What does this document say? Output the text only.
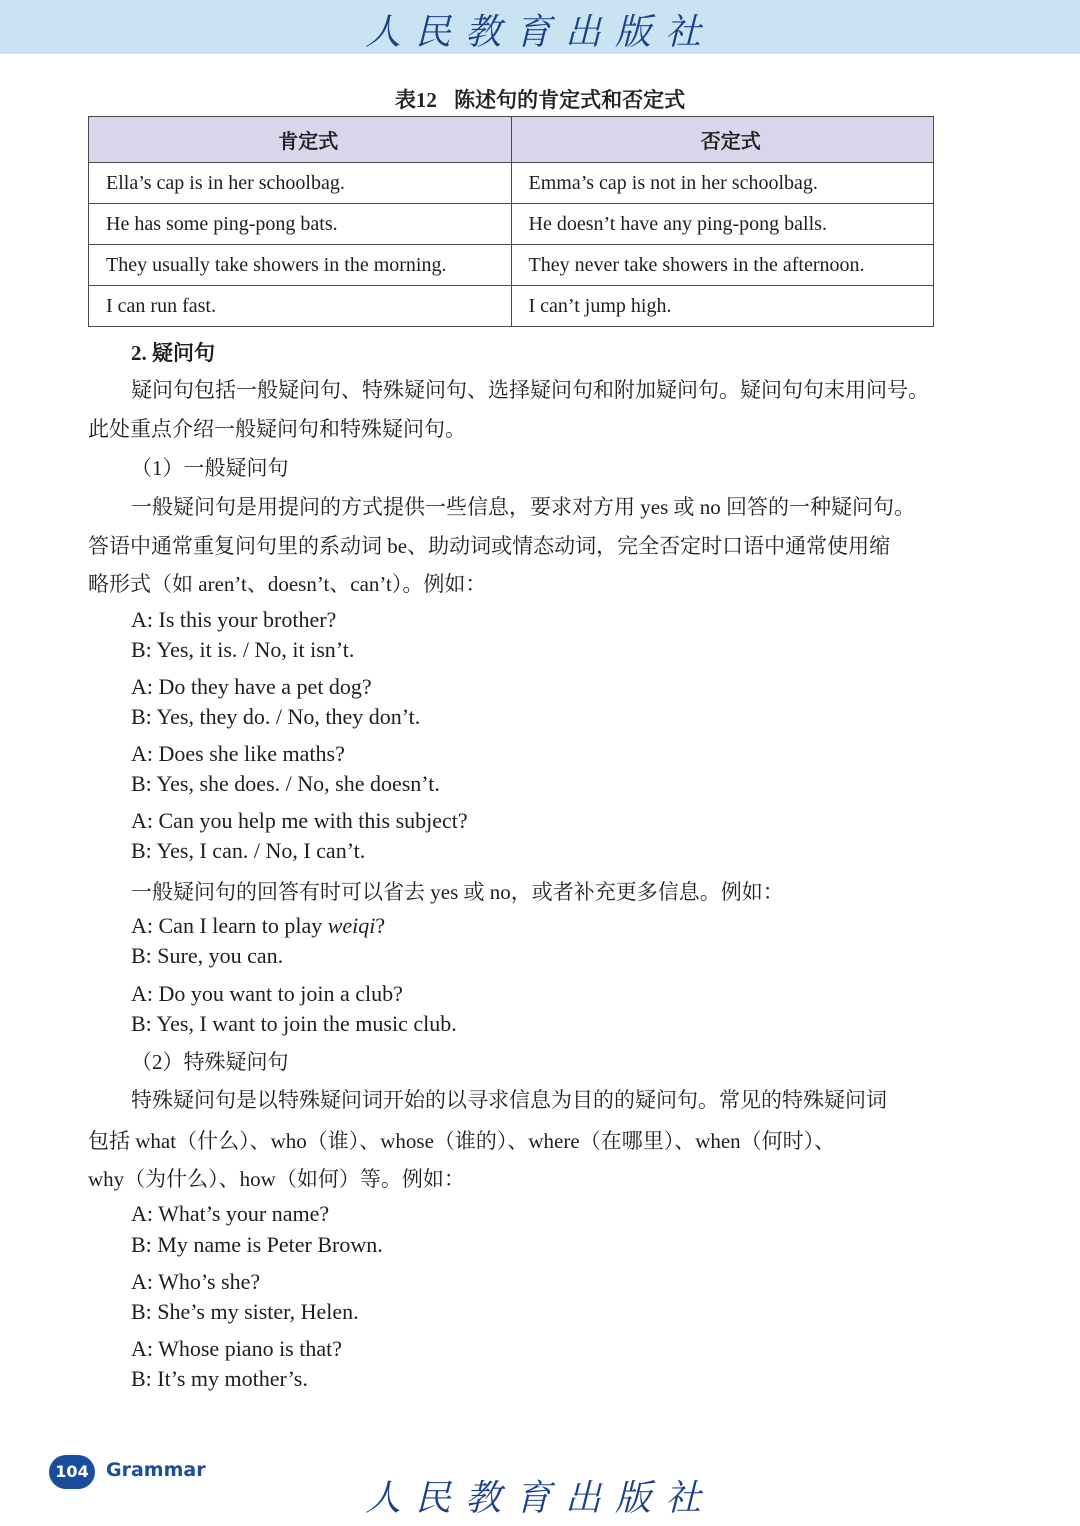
人民教育出版社
表12 陈述句的肯定式和否定式
肯定式	否定式
Ella’s cap is in her schoolbag.	Emma’s cap is not in her schoolbag.
He has some ping-pong bats.	He doesn’t have any ping-pong balls.
They usually take showers in the morning.	They never take showers in the afternoon.
I can run fast.	I can’t jump high.
2. 疑问句
疑问句包括一般疑问句、特殊疑问句、选择疑问句和附加疑问句。疑问句句末用问号。
此处重点介绍一般疑问句和特殊疑问句。
（1）一般疑问句
一般疑问句是用提问的方式提供一些信息，要求对方用 yes 或 no 回答的一种疑问句。
答语中通常重复问句里的系动词 be、助动词或情态动词，完全否定时口语中通常使用缩
略形式（如 aren’t、doesn’t、can’t）。例如：
A: Is this your brother?
B: Yes, it is. / No, it isn’t.
A: Do they have a pet dog?
B: Yes, they do. / No, they don’t.
A: Does she like maths?
B: Yes, she does. / No, she doesn’t.
A: Can you help me with this subject?
B: Yes, I can. / No, I can’t.
一般疑问句的回答有时可以省去 yes 或 no，或者补充更多信息。例如：
A: Can I learn to play weiqi?
B: Sure, you can.
A: Do you want to join a club?
B: Yes, I want to join the music club.
（2）特殊疑问句
特殊疑问句是以特殊疑问词开始的以寻求信息为目的的疑问句。常见的特殊疑问词
包括 what（什么）、who（谁）、whose（谁的）、where（在哪里）、when（何时）、
why（为什么）、how（如何）等。例如：
A: What’s your name?
B: My name is Peter Brown.
A: Who’s she?
B: She’s my sister, Helen.
A: Whose piano is that?
B: It’s my mother’s.
104 Grammar
人民教育出版社
